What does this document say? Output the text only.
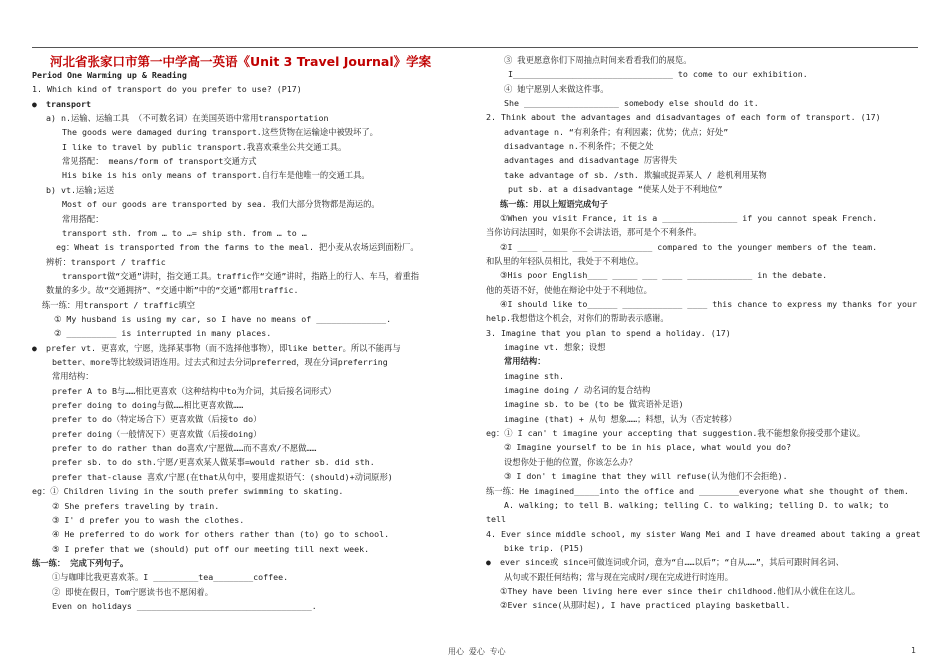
河北省张家口市第一中学高一英语《Unit 3 Travel Journal》学案
Period One Warming up & Reading
1. Which kind of transport do you prefer to use? (P17)
● transport
a) n.运输、运输工具 （不可数名词）在美国英语中常用transportation
The goods were damaged during transport.这些货物在运输途中被毁坏了。
I like to travel by public transport.我喜欢乘坐公共交通工具。
常见搭配： means/form of transport交通方式
His bike is his only means of transport.自行车是他唯一的交通工具。
b) vt.运输;运送
Most of our goods are transported by sea. 我们大部分货物都是海运的。
常用搭配：
transport sth. from … to …= ship sth. from … to …
eg：Wheat is transported from the farms to the meal. 把小麦从农场运到面粉厂。
辨析：transport / traffic
transport做“交通”讲时，指交通工具。traffic作“交通”讲时，指路上的行人、车马，着重指
数量的多少。故“交通拥挤”、“交通中断”中的“交通”都用traffic.
练一练：用transport / traffic填空
① My husband is using my car, so I have no means of ______________.
② __________ is interrupted in many places.
● prefer vt. 更喜欢，宁愿，选择某事物（而不选择他事物），即like better。所以不能再与
better、more等比较级词语连用。过去式和过去分词preferred，现在分词preferring
常用结构：
prefer A to B与……相比更喜欢（这种结构中to为介词，其后接名词形式）
prefer doing to doing与做……相比更喜欢做……
prefer to do（特定场合下）更喜欢做（后接to do）
prefer doing（一般情况下）更喜欢做（后接doing）
prefer to do rather than do喜欢/宁愿做……而不喜欢/不愿做……
prefer sb. to do sth.宁愿/更喜欢某人做某事=would rather sb. did sth.
prefer that-clause 喜欢/宁愿(在that从句中，要用虚拟语气：(should)+动词原形)
eg：① Children living in the south prefer swimming to skating.
② She prefers traveling by train.
③ I' d prefer you to wash the clothes.
④ He preferred to do work for others rather than (to) go to school.
⑤ I prefer that we (should) put off our meeting till next week.
练一练： 完成下列句子。
①与咖啡比我更喜欢茶。I _________tea________coffee.
② 即使在假日，Tom宁愿读书也不愿闲着。
Even on holidays ___________________________________.
③ 我更愿意你们下周抽点时间来看看我们的展览。
I________________________________ to come to our exhibition.
④ 她宁愿别人来做这件事。
She ___________________ somebody else should do it.
2. Think about the advantages and disadvantages of each form of transport. (17)
advantage n. “有利条件；有利因素；优势；优点；好处”
disadvantage n.不利条件；不便之处
advantages and disadvantage 厉害得失
take advantage of sb. /sth. 欺骗或捉弄某人 / 趁机利用某物
put sb. at a disadvantage “使某人处于不利地位”
练一练：用以上短语完成句子
①When you visit France, it is a _______________ if you cannot speak French.
当你访问法国时，如果你不会讲法语，那可是个不利条件。
②I ____ _____ ___ ____________ compared to the younger members of the team.
和队里的年轻队员相比，我处于不利地位。
③His poor English____ _____ ___ ____ _____________ in the debate.
他的英语不好，使他在辩论中处于不利地位。
④I should like to______ ____________ ____ this chance to express my thanks for your
help.我想借这个机会，对你们的帮助表示感谢。
3. Imagine that you plan to spend a holiday. (17)
imagine vt. 想象；设想
常用结构：
imagine sth.
imagine doing / 动名词的复合结构
imagine sb. to be (to be 做宾语补足语)
imagine (that) + 从句 想象……；料想，认为（否定转移）
eg：① I can' t imagine your accepting that suggestion.我不能想象你接受那个建议。
② Imagine yourself to be in his place, what would you do?
设想你处于他的位置，你该怎么办？
③ I don' t imagine that they will refuse(认为他们不会拒绝).
练一练：He imagined_____into the office and ________everyone what she thought of them.
A. walking; to tell B. walking; telling C. to walking; telling D. to walk; to
tell
4. Ever since middle school, my sister Wang Mei and I have dreamed about taking a great
bike trip. (P15)
● ever since或 since可做连词或介词，意为“自……以后”；“自从……”，其后可跟时间名词、
从句或不跟任何结构；常与现在完成时/现在完成进行时连用。
①They have been living here ever since their childhood.他们从小就住在这儿。
②Ever since(从那时起), I have practiced playing basketball.
用心 爱心 专心	1
